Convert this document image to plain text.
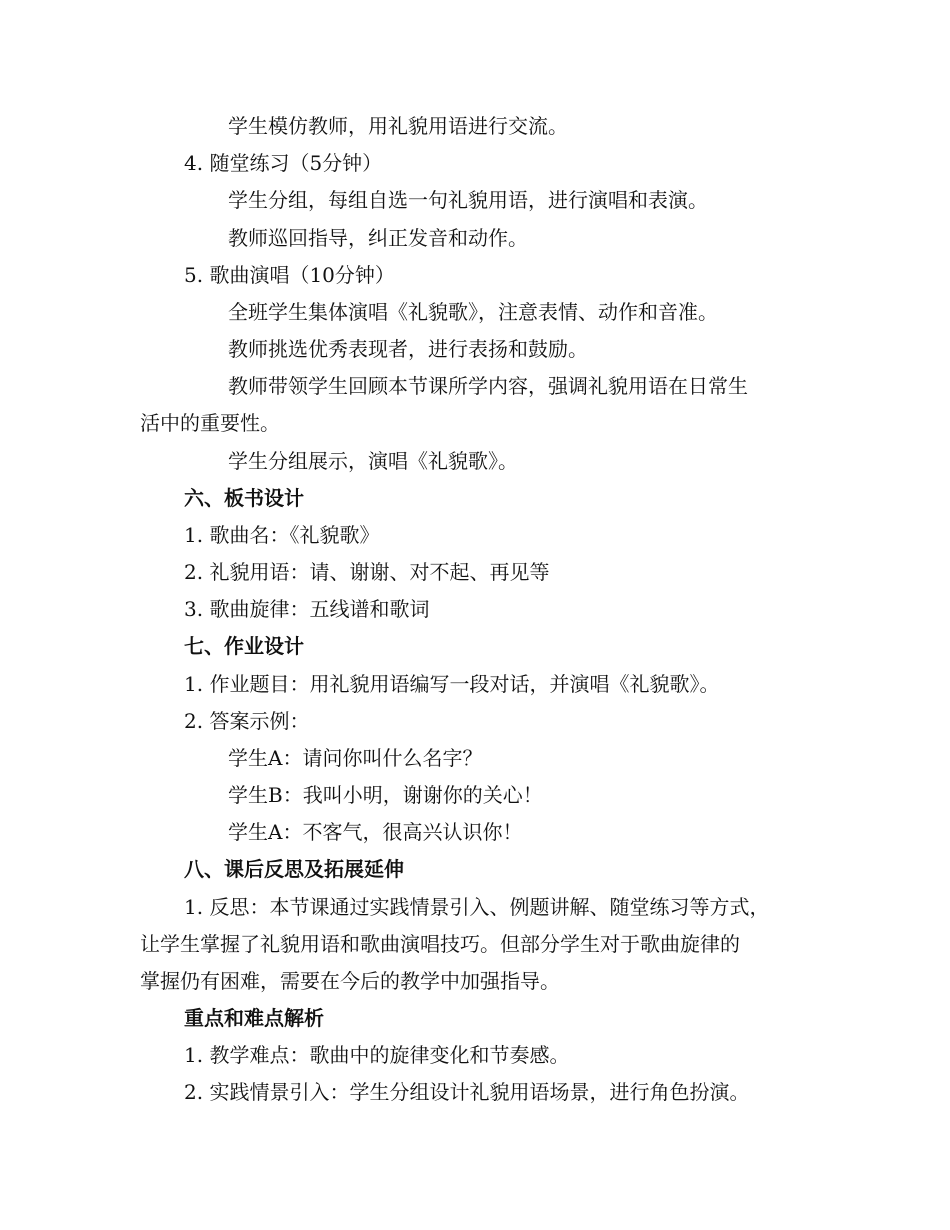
学生模仿教师，用礼貌用语进行交流。
4. 随堂练习（5分钟）
学生分组，每组自选一句礼貌用语，进行演唱和表演。
教师巡回指导，纠正发音和动作。
5. 歌曲演唱（10分钟）
全班学生集体演唱《礼貌歌》，注意表情、动作和音准。
教师挑选优秀表现者，进行表扬和鼓励。
教师带领学生回顾本节课所学内容，强调礼貌用语在日常生
活中的重要性。
学生分组展示，演唱《礼貌歌》。
六、板书设计
1. 歌曲名：《礼貌歌》
2. 礼貌用语：请、谢谢、对不起、再见等
3. 歌曲旋律：五线谱和歌词
七、作业设计
1. 作业题目：用礼貌用语编写一段对话，并演唱《礼貌歌》。
2. 答案示例：
学生A：请问你叫什么名字？
学生B：我叫小明，谢谢你的关心！
学生A：不客气，很高兴认识你！
八、课后反思及拓展延伸
1. 反思：本节课通过实践情景引入、例题讲解、随堂练习等方式，
让学生掌握了礼貌用语和歌曲演唱技巧。但部分学生对于歌曲旋律的
掌握仍有困难，需要在今后的教学中加强指导。
重点和难点解析
1. 教学难点：歌曲中的旋律变化和节奏感。
2. 实践情景引入：学生分组设计礼貌用语场景，进行角色扮演。
